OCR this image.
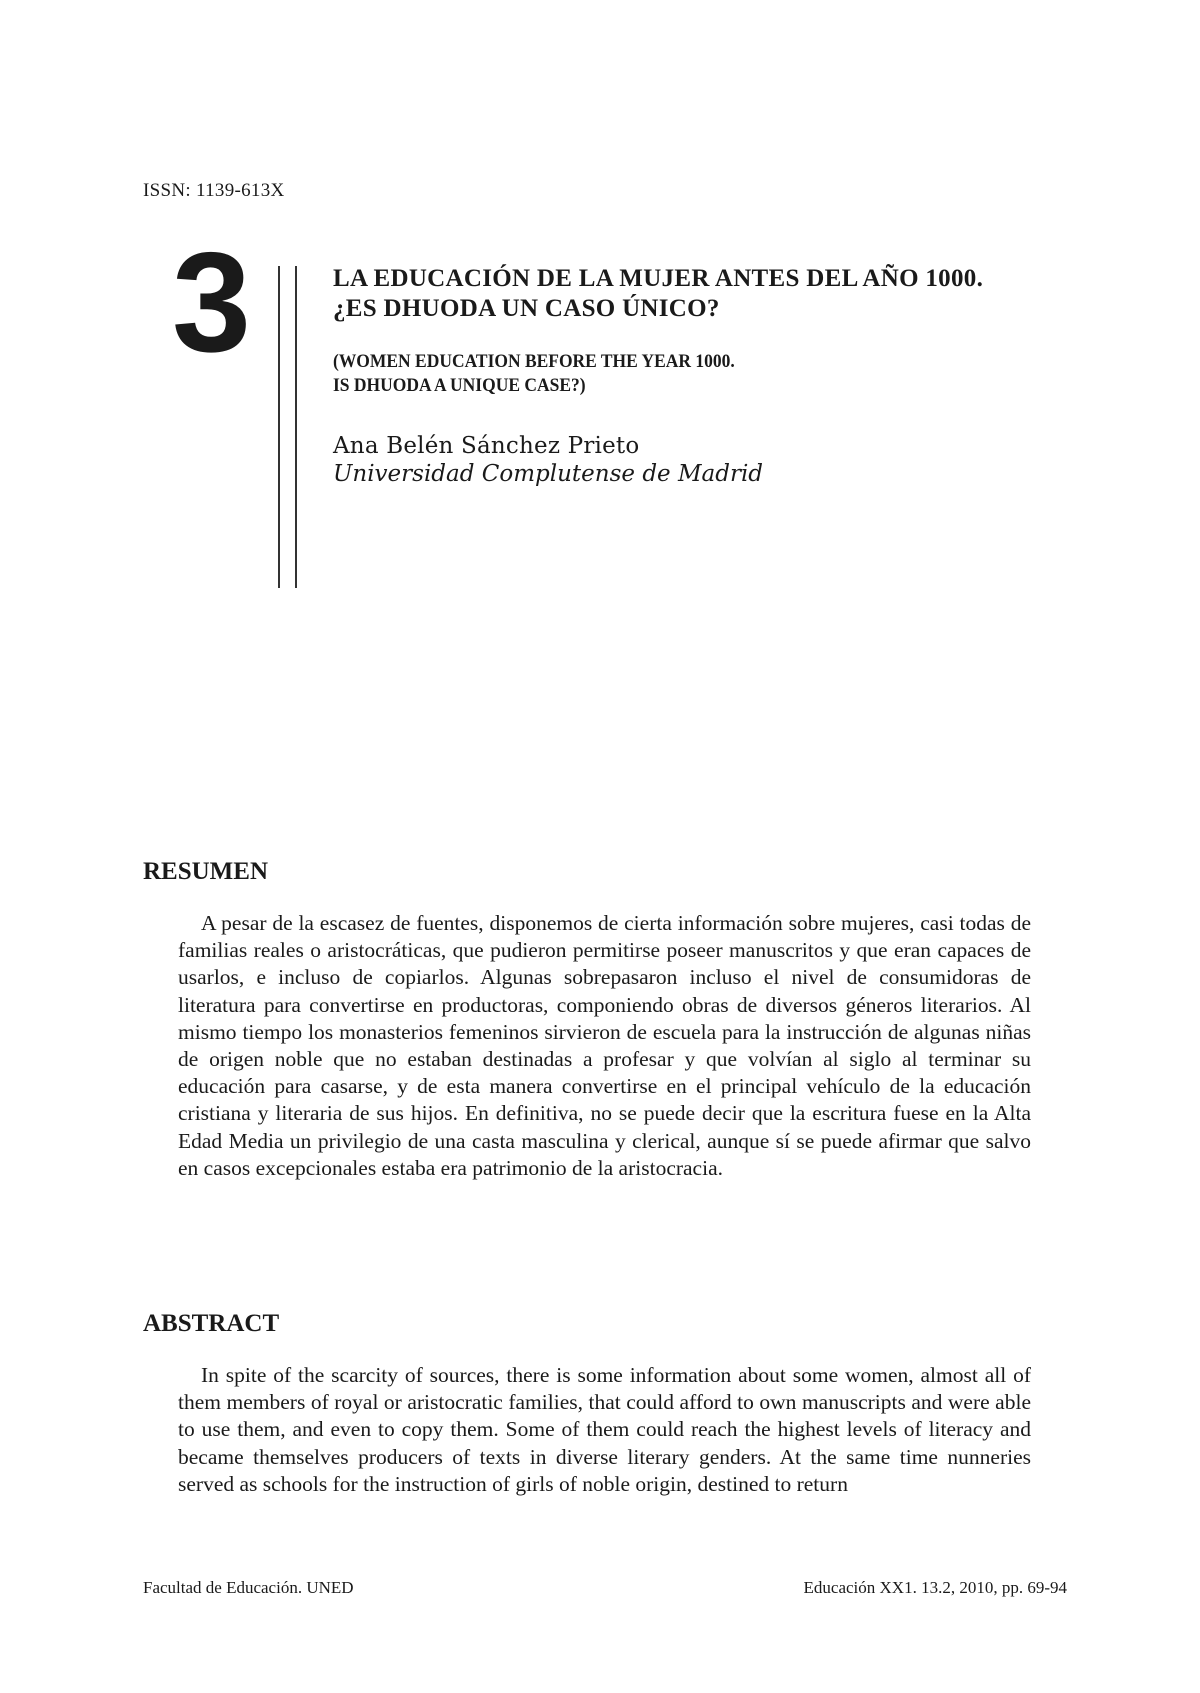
ISSN: 1139-613X
3	LA EDUCACIÓN DE LA MUJER ANTES DEL AÑO 1000.
¿ES DHUODA UN CASO ÚNICO?
(WOMEN EDUCATION BEFORE THE YEAR 1000.
IS DHUODA A UNIQUE CASE?)
Ana Belén Sánchez Prieto
Universidad Complutense de Madrid
RESUMEN

A pesar de la escasez de fuentes, disponemos de cierta información sobre mujeres, casi todas de familias reales o aristocráticas, que pudieron permitirse poseer manuscritos y que eran capaces de usarlos, e incluso de copiarlos. Algunas sobrepasaron incluso el nivel de consumidoras de literatura para convertirse en productoras, componiendo obras de diversos géneros literarios. Al mismo tiempo los monasterios femeninos sirvieron de escuela para la instrucción de algunas niñas de origen noble que no estaban destinadas a profesar y que volvían al siglo al terminar su educación para casarse, y de esta manera convertirse en el principal vehículo de la educación cristiana y literaria de sus hijos. En definitiva, no se puede decir que la escritura fuese en la Alta Edad Media un privilegio de una casta masculina y clerical, aunque sí se puede afirmar que salvo en casos excepcionales estaba era patrimonio de la aristocracia.

ABSTRACT

In spite of the scarcity of sources, there is some information about some women, almost all of them members of royal or aristocratic families, that could afford to own manuscripts and were able to use them, and even to copy them. Some of them could reach the highest levels of literacy and became themselves producers of texts in diverse literary genders. At the same time nunneries served as schools for the instruction of girls of noble origin, destined to return

Facultad de Educación. UNED	Educación XX1. 13.2, 2010, pp. 69-94
